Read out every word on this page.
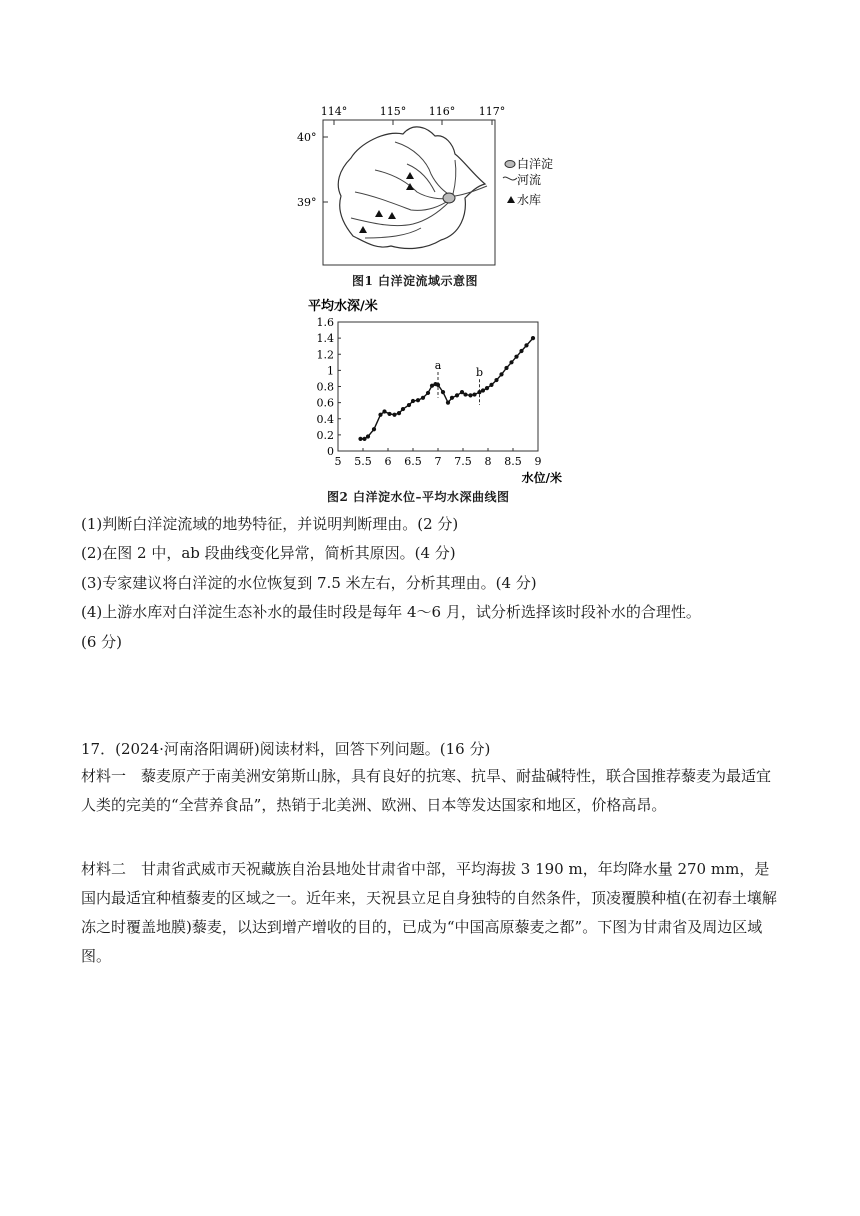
114°	115° 116° 117°
40°
39°
白洋淀
河流
水库
图1 白洋淀流域示意图
平均水深/米
0
0.2
0.4
0.6
0.8
1
1.2
1.4
1.6
5 5.5 6 6.5 7 7.5 8 8.5 9
a
b
水位/米
图2 白洋淀水位–平均水深曲线图
(1)判断白洋淀流域的地势特征，并说明判断理由。(2 分)
(2)在图 2 中，ab 段曲线变化异常，简析其原因。(4 分)
(3)专家建议将白洋淀的水位恢复到 7.5 米左右，分析其理由。(4 分)
(4)上游水库对白洋淀生态补水的最佳时段是每年 4～6 月，试分析选择该时段补水的合理性。
(6 分)
17．(2024·河南洛阳调研)阅读材料，回答下列问题。(16 分)
材料一　藜麦原产于南美洲安第斯山脉，具有良好的抗寒、抗旱、耐盐碱特性，联合国推荐藜麦为最适宜人类的完美的“全营养食品”，热销于北美洲、欧洲、日本等发达国家和地区，价格高昂。
材料二　甘肃省武威市天祝藏族自治县地处甘肃省中部，平均海拔 3 190 m，年均降水量 270 mm，是国内最适宜种植藜麦的区域之一。近年来，天祝县立足自身独特的自然条件，顶凌覆膜种植(在初春土壤解冻之时覆盖地膜)藜麦，以达到增产增收的目的，已成为“中国高原藜麦之都”。下图为甘肃省及周边区域图。
